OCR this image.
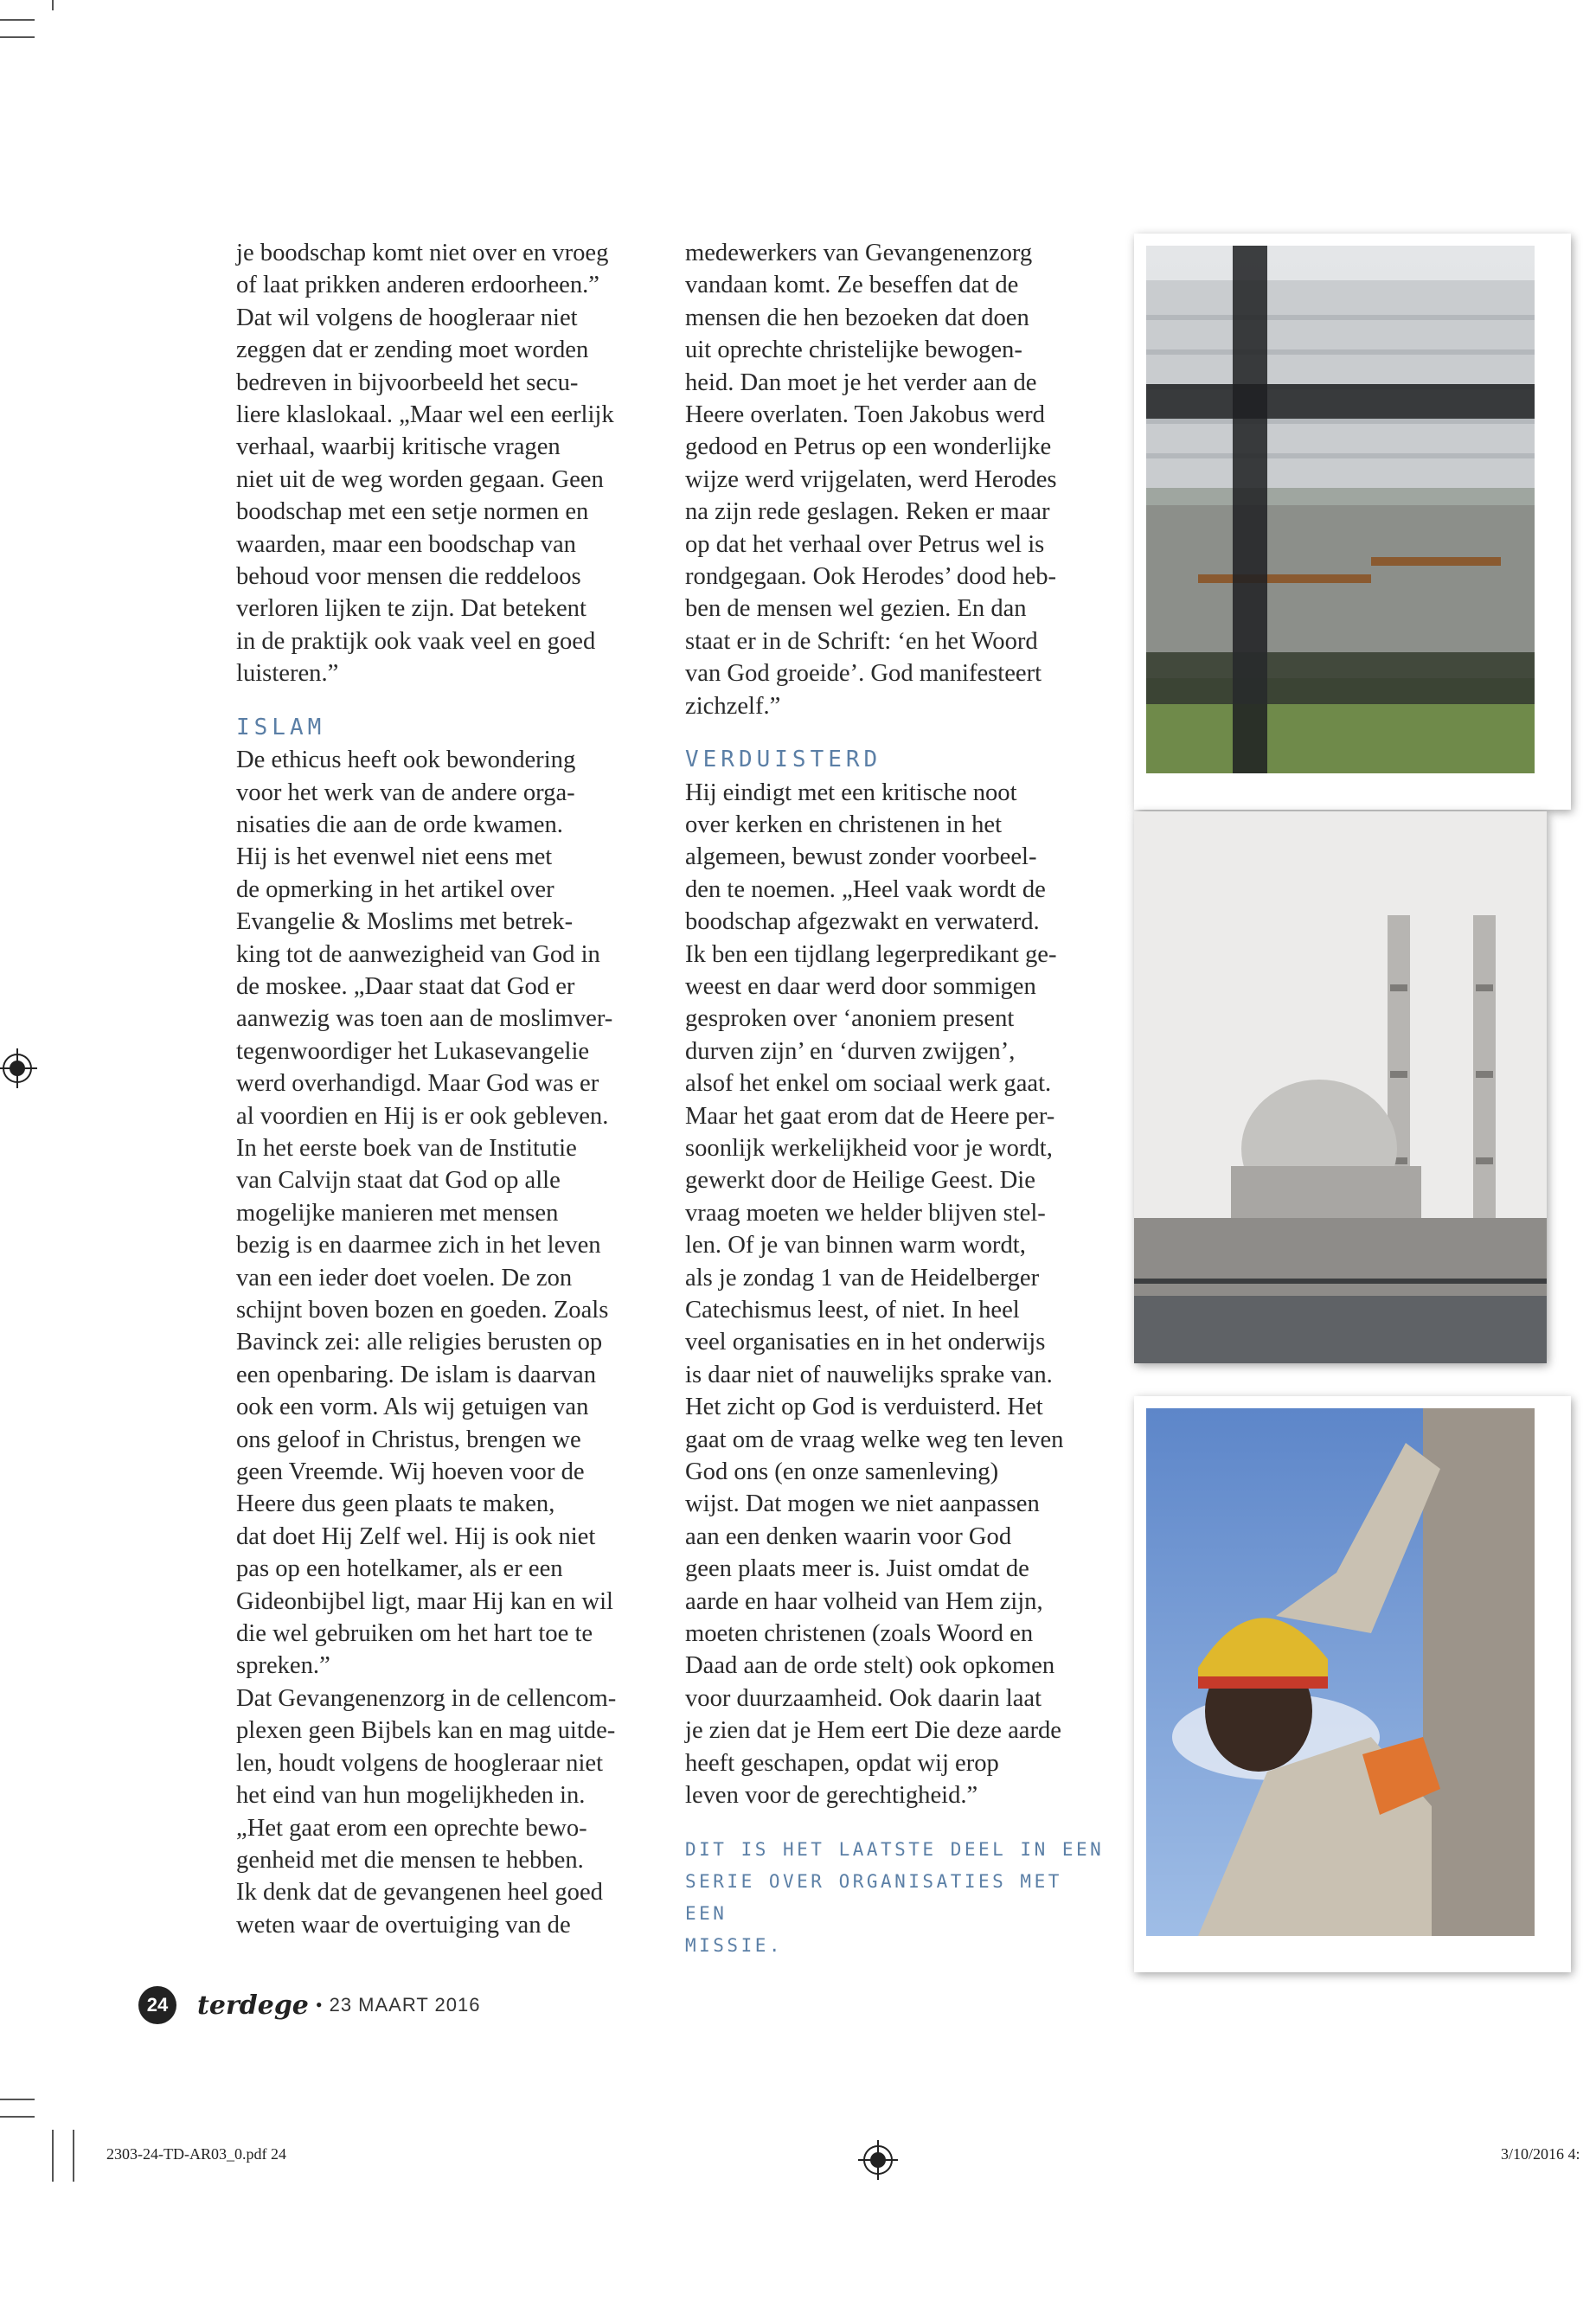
je boodschap komt niet over en vroeg
of laat prikken anderen erdoorheen.”
Dat wil volgens de hoogleraar niet
zeggen dat er zending moet worden
bedreven in bijvoorbeeld het secu-
liere klaslokaal. „Maar wel een eerlijk
verhaal, waarbij kritische vragen
niet uit de weg worden gegaan. Geen
boodschap met een setje normen en
waarden, maar een boodschap van
behoud voor mensen die reddeloos
verloren lijken te zijn. Dat betekent
in de praktijk ook vaak veel en goed
luisteren.”

ISLAM

De ethicus heeft ook bewondering
voor het werk van de andere orga-
nisaties die aan de orde kwamen.
Hij is het evenwel niet eens met
de opmerking in het artikel over
Evangelie & Moslims met betrek-
king tot de aanwezigheid van God in
de moskee. „Daar staat dat God er
aanwezig was toen aan de moslimver-
tegenwoordiger het Lukasevangelie
werd overhandigd. Maar God was er
al voordien en Hij is er ook gebleven.
In het eerste boek van de Institutie
van Calvijn staat dat God op alle
mogelijke manieren met mensen
bezig is en daarmee zich in het leven
van een ieder doet voelen. De zon
schijnt boven bozen en goeden. Zoals
Bavinck zei: alle religies berusten op
een openbaring. De islam is daarvan
ook een vorm. Als wij getuigen van
ons geloof in Christus, brengen we
geen Vreemde. Wij hoeven voor de
Heere dus geen plaats te maken,
dat doet Hij Zelf wel. Hij is ook niet
pas op een hotelkamer, als er een
Gideonbijbel ligt, maar Hij kan en wil
die wel gebruiken om het hart toe te
spreken.”
Dat Gevangenenzorg in de cellencom-
plexen geen Bijbels kan en mag uitde-
len, houdt volgens de hoogleraar niet
het eind van hun mogelijkheden in.
„Het gaat erom een oprechte bewo-
genheid met die mensen te hebben.
Ik denk dat de gevangenen heel goed
weten waar de overtuiging van de

medewerkers van Gevangenenzorg
vandaan komt. Ze beseffen dat de
mensen die hen bezoeken dat doen
uit oprechte christelijke bewogen-
heid. Dan moet je het verder aan de
Heere overlaten. Toen Jakobus werd
gedood en Petrus op een wonderlijke
wijze werd vrijgelaten, werd Herodes
na zijn rede geslagen. Reken er maar
op dat het verhaal over Petrus wel is
rondgegaan. Ook Herodes’ dood heb-
ben de mensen wel gezien. En dan
staat er in de Schrift: ‘en het Woord
van God groeide’. God manifesteert
zichzelf.”

VERDUISTERD

Hij eindigt met een kritische noot
over kerken en christenen in het
algemeen, bewust zonder voorbeel-
den te noemen. „Heel vaak wordt de
boodschap afgezwakt en verwaterd.
Ik ben een tijdlang legerpredikant ge-
weest en daar werd door sommigen
gesproken over ‘anoniem present
durven zijn’ en ‘durven zwijgen’,
alsof het enkel om sociaal werk gaat.
Maar het gaat erom dat de Heere per-
soonlijk werkelijkheid voor je wordt,
gewerkt door de Heilige Geest. Die
vraag moeten we helder blijven stel-
len. Of je van binnen warm wordt,
als je zondag 1 van de Heidelberger
Catechismus leest, of niet. In heel
veel organisaties en in het onderwijs
is daar niet of nauwelijks sprake van.
Het zicht op God is verduisterd. Het
gaat om de vraag welke weg ten leven
God ons (en onze samenleving)
wijst. Dat mogen we niet aanpassen
aan een denken waarin voor God
geen plaats meer is. Juist omdat de
aarde en haar volheid van Hem zijn,
moeten christenen (zoals Woord en
Daad aan de orde stelt) ook opkomen
voor duurzaamheid. Ook daarin laat
je zien dat je Hem eert Die deze aarde
heeft geschapen, opdat wij erop
leven voor de gerechtigheid.”

DIT IS HET LAATSTE DEEL IN EEN
SERIE OVER ORGANISATIES MET EEN
MISSIE.

24	terdege • 23 MAART 2016
2303-24-TD-AR03_0.pdf 24	3/10/2016 4:
